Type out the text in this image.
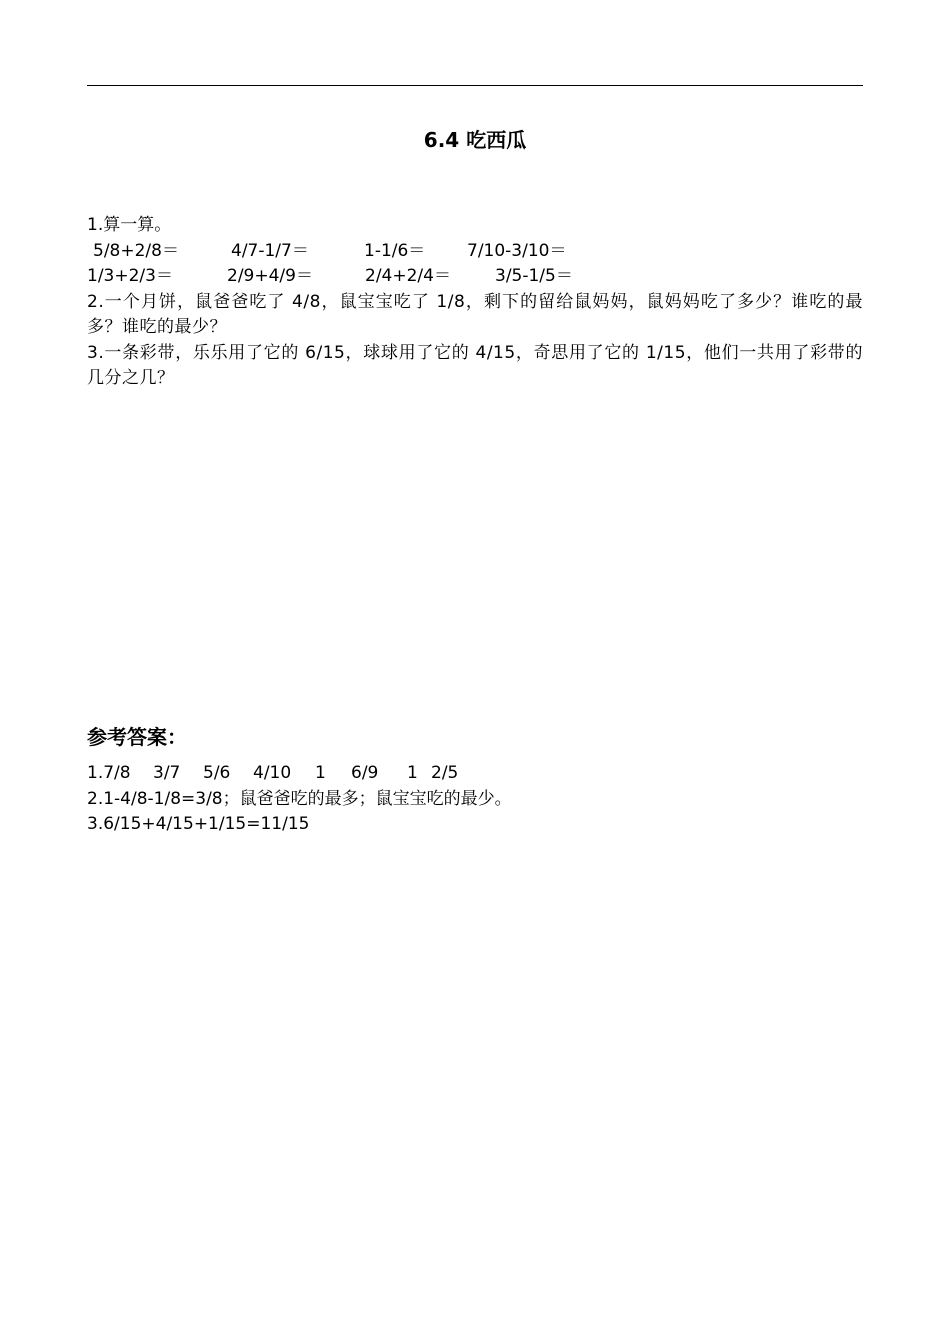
6.4 吃西瓜
1.算一算。
5/8+2/8＝	4/7-1/7＝	1-1/6＝	7/10-3/10＝
1/3+2/3＝	2/9+4/9＝	2/4+2/4＝	3/5-1/5＝
2.一个月饼，鼠爸爸吃了 4/8，鼠宝宝吃了 1/8，剩下的留给鼠妈妈，鼠妈妈吃了多少？谁吃的最多？谁吃的最少？
3.一条彩带，乐乐用了它的 6/15，球球用了它的 4/15，奇思用了它的 1/15，他们一共用了彩带的几分之几？
参考答案：
1.7/8	3/7	5/6	4/10	1	6/9	1 2/5
2.1-4/8-1/8=3/8；鼠爸爸吃的最多；鼠宝宝吃的最少。
3.6/15+4/15+1/15=11/15
